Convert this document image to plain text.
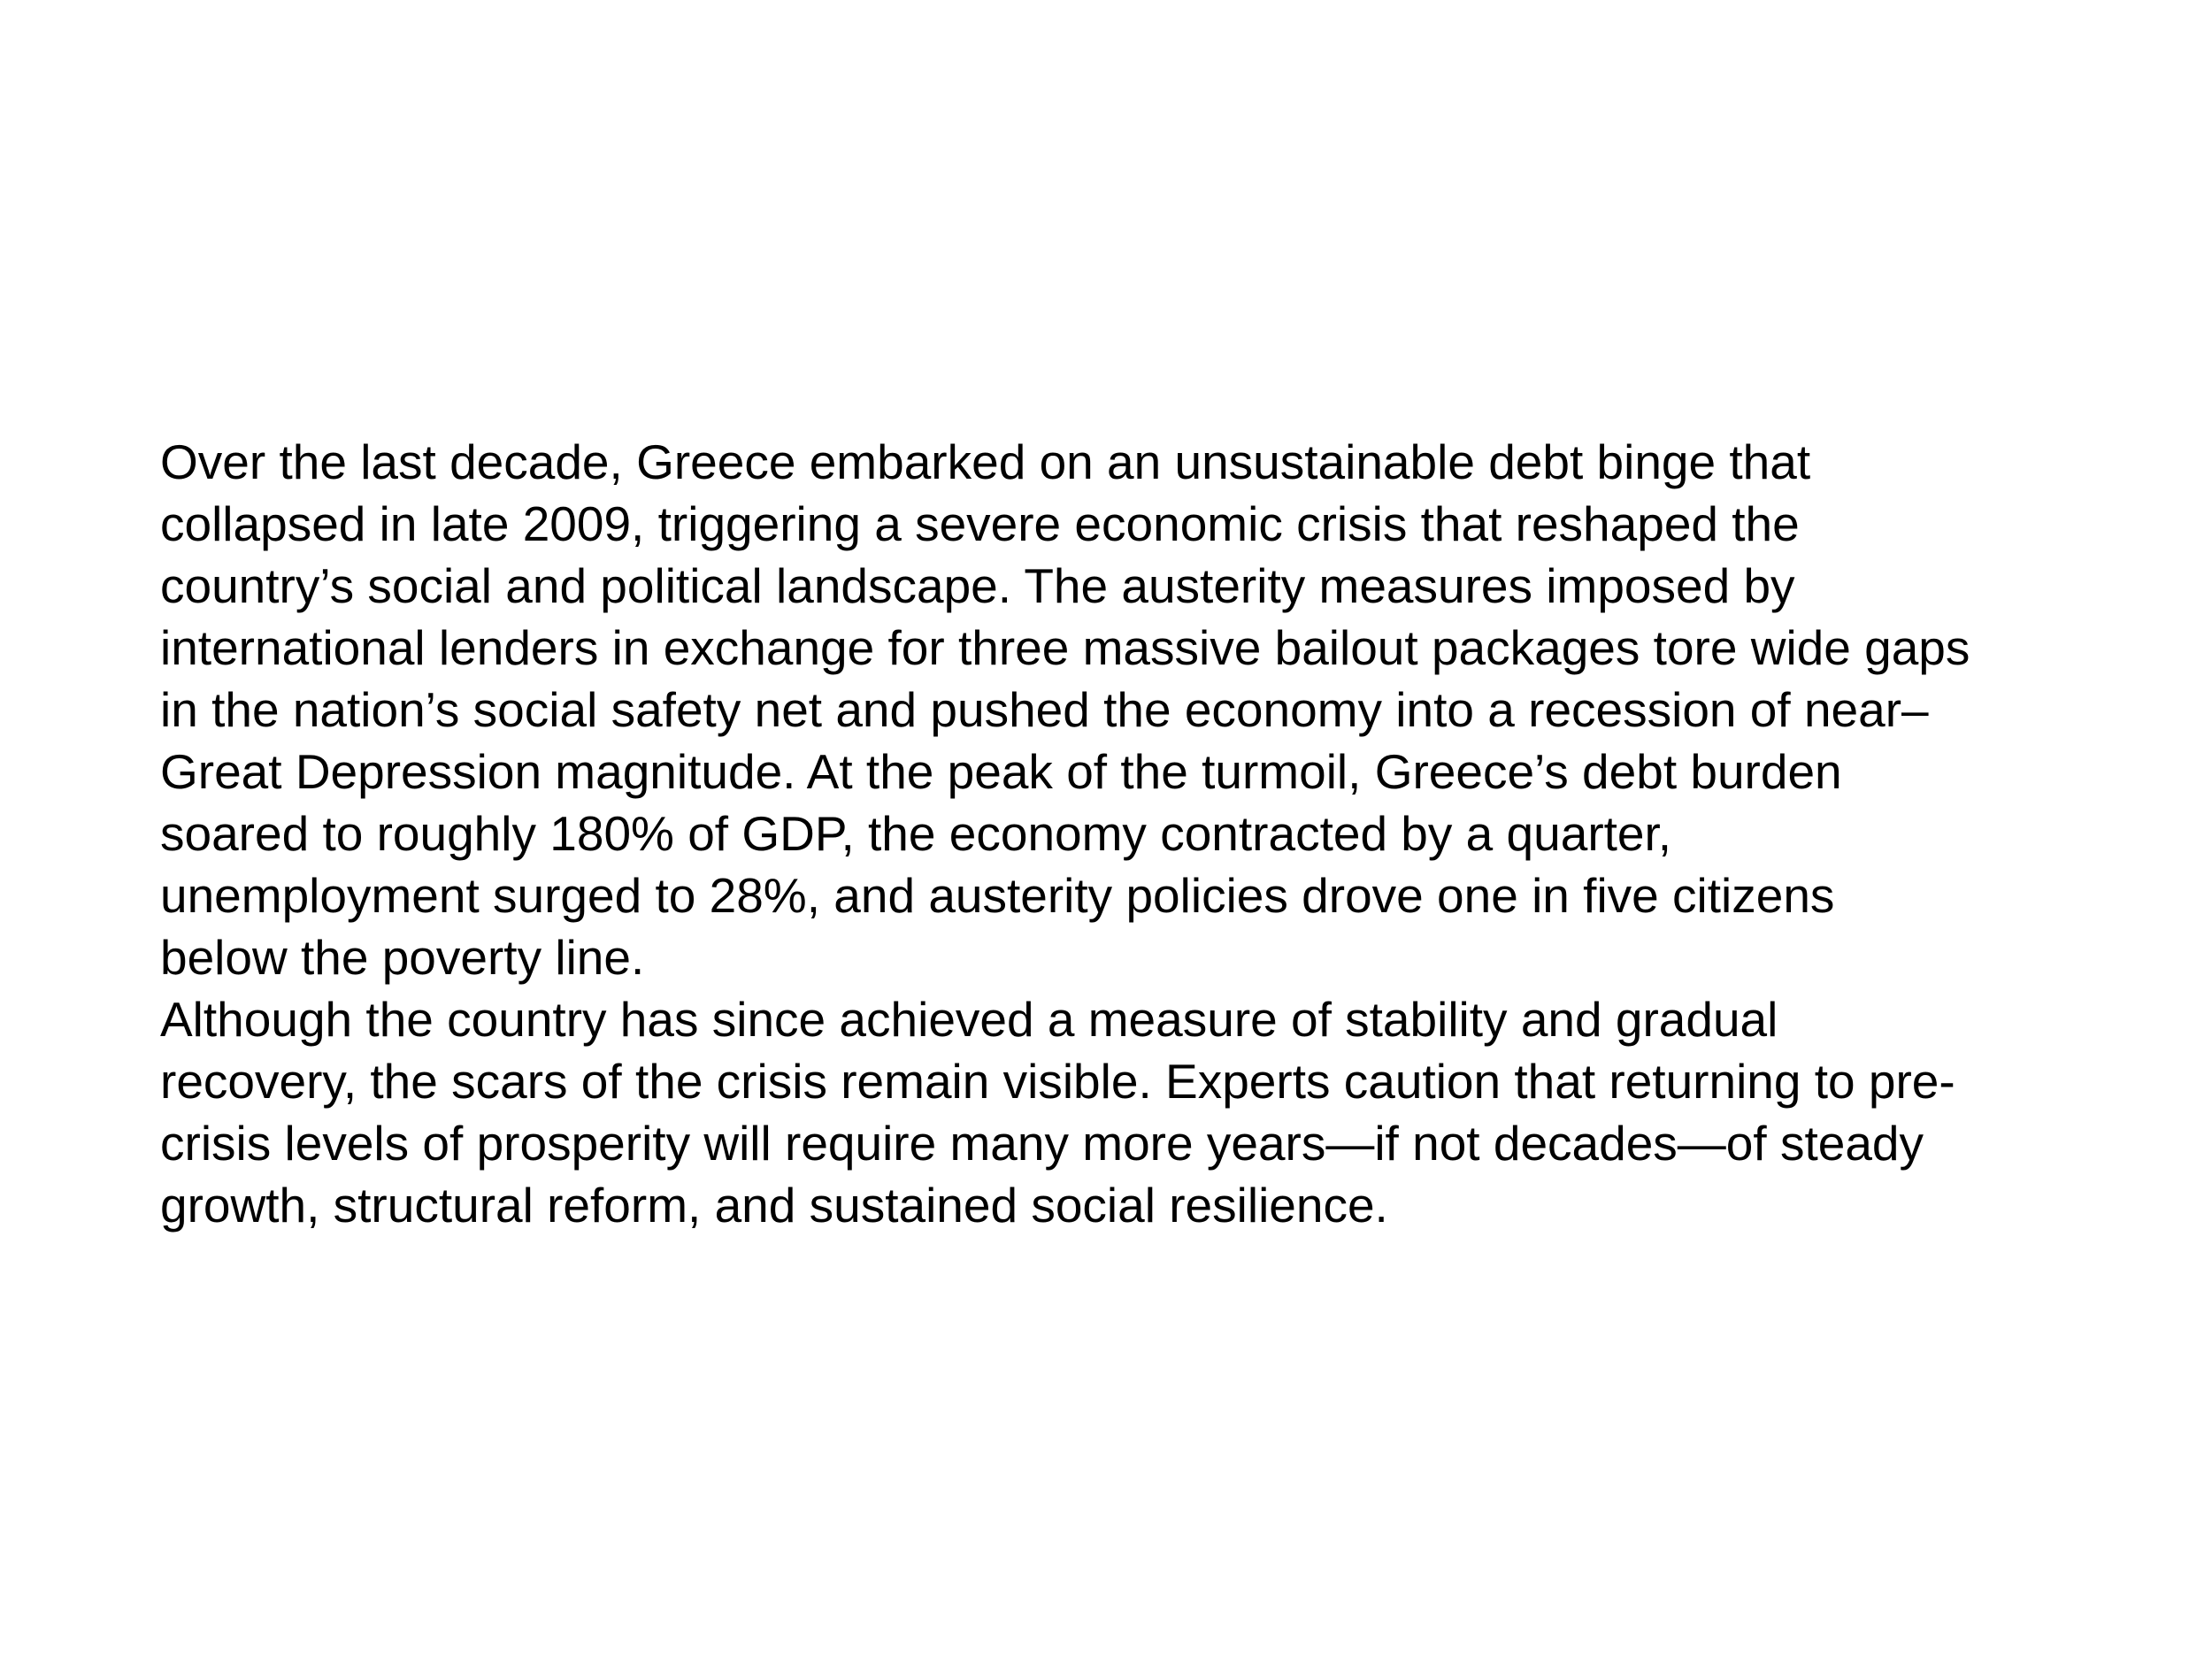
Over the last decade, Greece embarked on an unsustainable debt binge that
collapsed in late 2009, triggering a severe economic crisis that reshaped the
country’s social and political landscape. The austerity measures imposed by
international lenders in exchange for three massive bailout packages tore wide gaps
in the nation’s social safety net and pushed the economy into a recession of near–
Great Depression magnitude. At the peak of the turmoil, Greece’s debt burden
soared to roughly 180% of GDP, the economy contracted by a quarter,
unemployment surged to 28%, and austerity policies drove one in five citizens
below the poverty line.
Although the country has since achieved a measure of stability and gradual
recovery, the scars of the crisis remain visible. Experts caution that returning to pre-
crisis levels of prosperity will require many more years—if not decades—of steady
growth, structural reform, and sustained social resilience.
